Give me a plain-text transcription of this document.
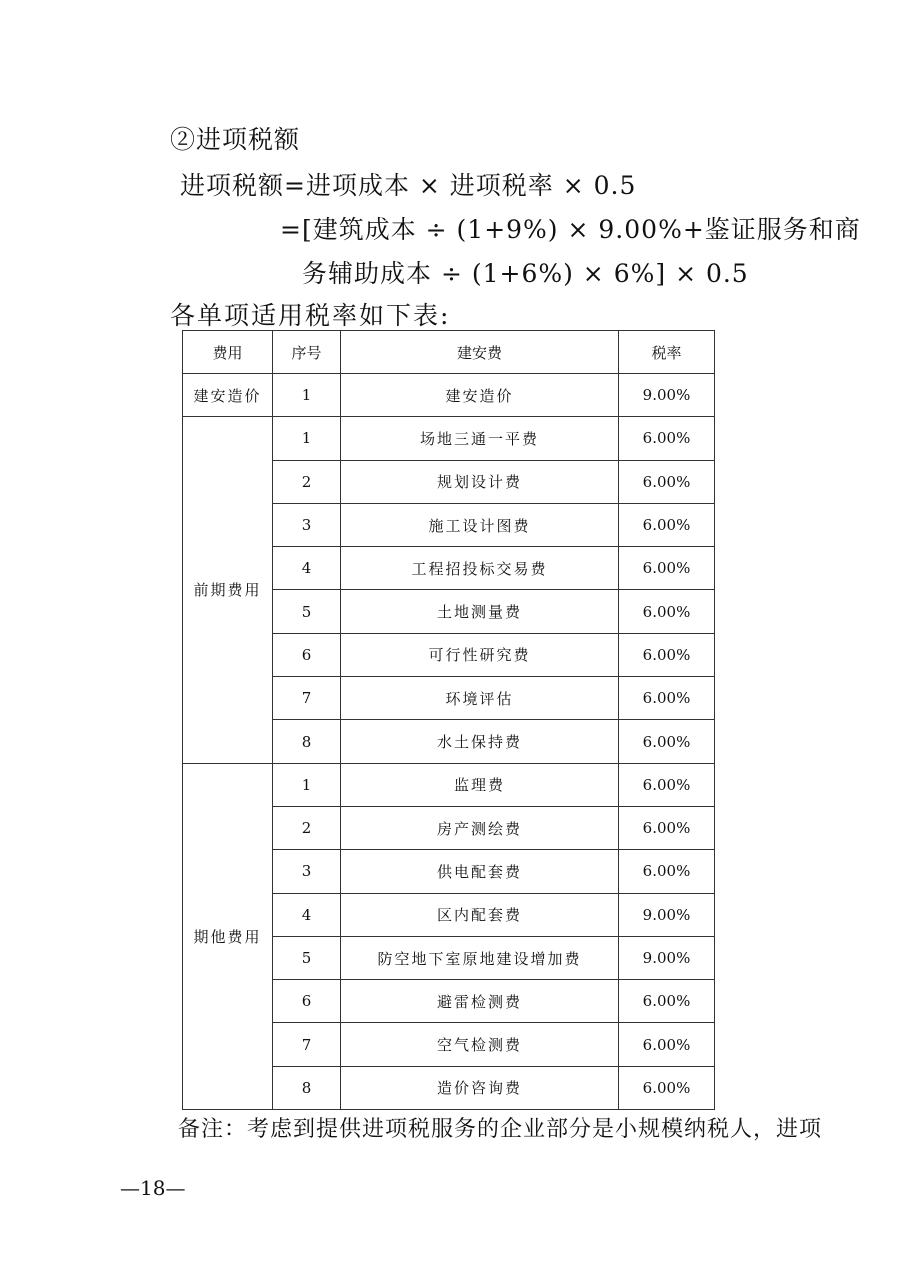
②进项税额
进项税额=进项成本 × 进项税率 × 0.5
=[建筑成本 ÷ (1+9%) × 9.00%+鉴证服务和商
务辅助成本 ÷ (1+6%) × 6%] × 0.5
各单项适用税率如下表:
费用	序号	建安费	税率
建安造价	1	建安造价	9.00%
前期费用	1	场地三通一平费	6.00%
	2	规划设计费	6.00%
	3	施工设计图费	6.00%
	4	工程招投标交易费	6.00%
	5	土地测量费	6.00%
	6	可行性研究费	6.00%
	7	环境评估	6.00%
	8	水土保持费	6.00%
期他费用	1	监理费	6.00%
	2	房产测绘费	6.00%
	3	供电配套费	6.00%
	4	区内配套费	9.00%
	5	防空地下室原地建设增加费	9.00%
	6	避雷检测费	6.00%
	7	空气检测费	6.00%
	8	造价咨询费	6.00%
备注：考虑到提供进项税服务的企业部分是小规模纳税人，进项
—18—
